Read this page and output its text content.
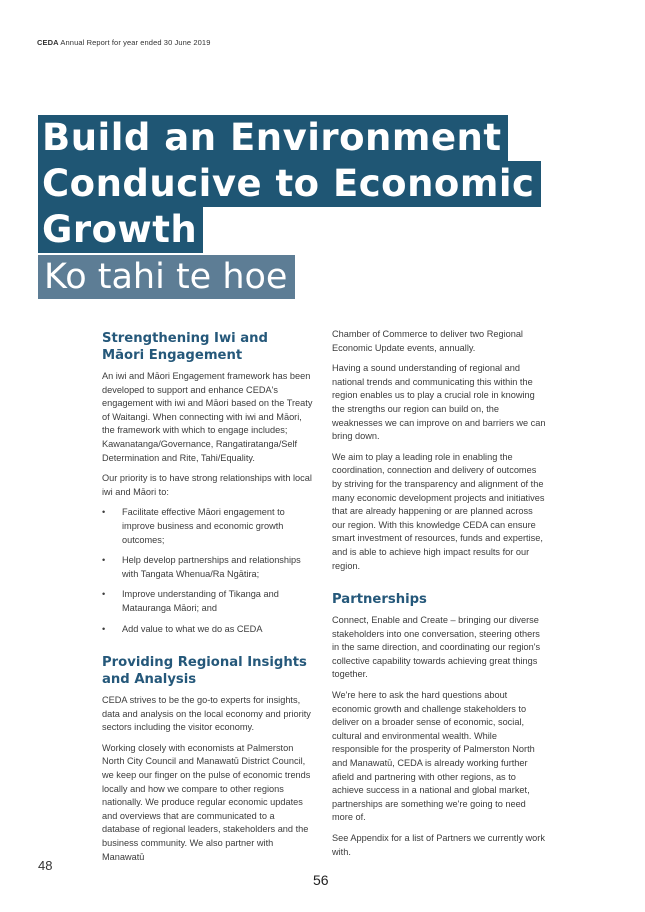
CEDA Annual Report for year ended 30 June 2019
Build an Environment
Conducive to Economic
Growth
Ko tahi te hoe
Strengthening Iwi and Māori Engagement

An iwi and Māori Engagement framework has been developed to support and enhance CEDA's engagement with iwi and Māori based on the Treaty of Waitangi. When connecting with iwi and Māori, the framework with which to engage includes; Kawanatanga/Governance, Rangatiratanga/Self Determination and Rite, Tahi/Equality.

Our priority is to have strong relationships with local iwi and Māori to:

• Facilitate effective Māori engagement to improve business and economic growth outcomes;
• Help develop partnerships and relationships with Tangata Whenua/Ra Ngātira;
• Improve understanding of Tikanga and Matauranga Māori; and
• Add value to what we do as CEDA
Providing Regional Insights and Analysis

CEDA strives to be the go-to experts for insights, data and analysis on the local economy and priority sectors including the visitor economy.

Working closely with economists at Palmerston North City Council and Manawatū District Council, we keep our finger on the pulse of economic trends locally and how we compare to other regions nationally. We produce regular economic updates and overviews that are communicated to a database of regional leaders, stakeholders and the business community. We also partner with Manawatū

Chamber of Commerce to deliver two Regional Economic Update events, annually.

Having a sound understanding of regional and national trends and communicating this within the region enables us to play a crucial role in knowing the strengths our region can build on, the weaknesses we can improve on and barriers we can bring down.

We aim to play a leading role in enabling the coordination, connection and delivery of outcomes by striving for the transparency and alignment of the many economic development projects and initiatives that are already happening or are planned across our region. With this knowledge CEDA can ensure smart investment of resources, funds and expertise, and is able to achieve high impact results for our region.

Partnerships

Connect, Enable and Create – bringing our diverse stakeholders into one conversation, steering others in the same direction, and coordinating our region's collective capability towards achieving great things together.

We're here to ask the hard questions about economic growth and challenge stakeholders to deliver on a broader sense of economic, social, cultural and environmental wealth. While responsible for the prosperity of Palmerston North and Manawatū, CEDA is already working further afield and partnering with other regions, as to achieve success in a national and global market, partnerships are something we're going to need more of.

See Appendix for a list of Partners we currently work with.

48
56
